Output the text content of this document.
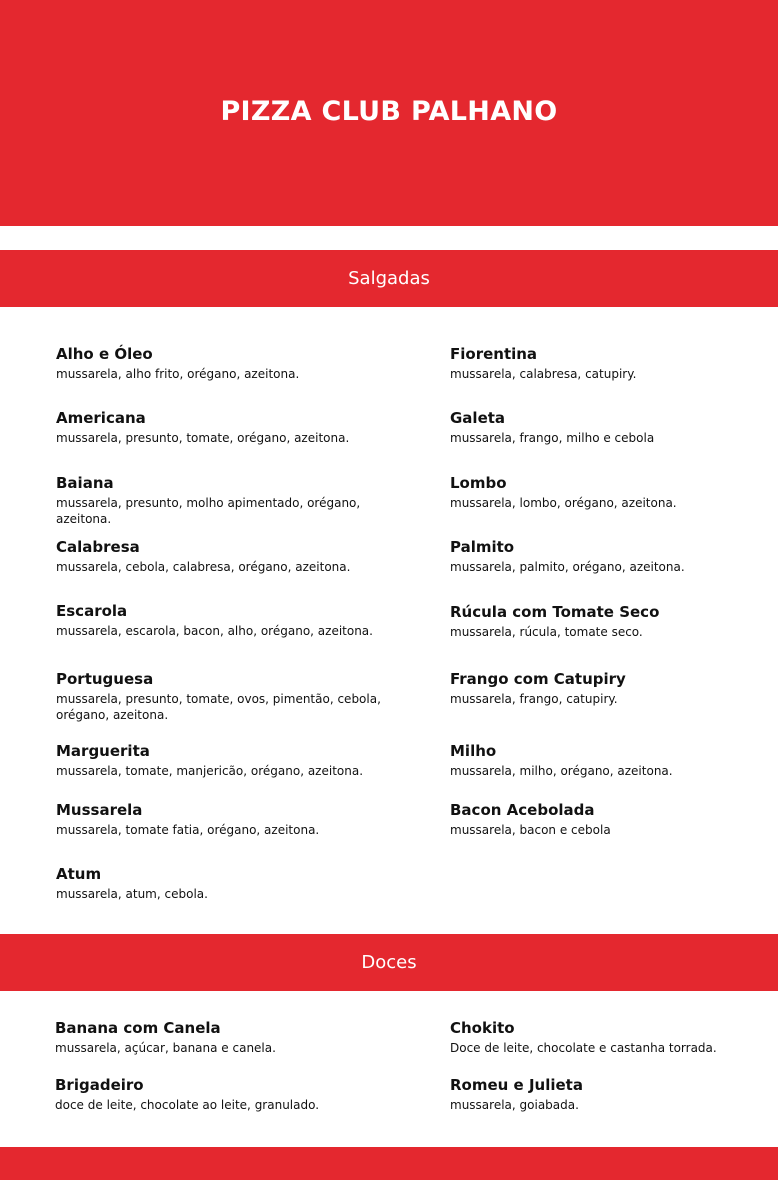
PIZZA CLUB PALHANO
Salgadas
Alho e Óleo
mussarela, alho frito, orégano, azeitona.
Americana
mussarela, presunto, tomate, orégano, azeitona.
Baiana
mussarela, presunto, molho apimentado, orégano, azeitona.
Calabresa
mussarela, cebola, calabresa, orégano, azeitona.
Escarola
mussarela, escarola, bacon, alho, orégano, azeitona.
Portuguesa
mussarela, presunto, tomate, ovos, pimentão, cebola, orégano, azeitona.
Marguerita
mussarela, tomate, manjericão, orégano, azeitona.
Mussarela
mussarela, tomate fatia, orégano, azeitona.
Atum
mussarela, atum, cebola.
Fiorentina
mussarela, calabresa, catupiry.
Galeta
mussarela, frango, milho e cebola
Lombo
mussarela, lombo, orégano, azeitona.
Palmito
mussarela, palmito, orégano, azeitona.
Rúcula com Tomate Seco
mussarela, rúcula, tomate seco.
Frango com Catupiry
mussarela, frango, catupiry.
Milho
mussarela, milho, orégano, azeitona.
Bacon Acebolada
mussarela, bacon e cebola
Doces
Banana com Canela
mussarela, açúcar, banana e canela.
Brigadeiro
doce de leite, chocolate ao leite, granulado.
Chokito
Doce de leite, chocolate e castanha torrada.
Romeu e Julieta
mussarela, goiabada.
